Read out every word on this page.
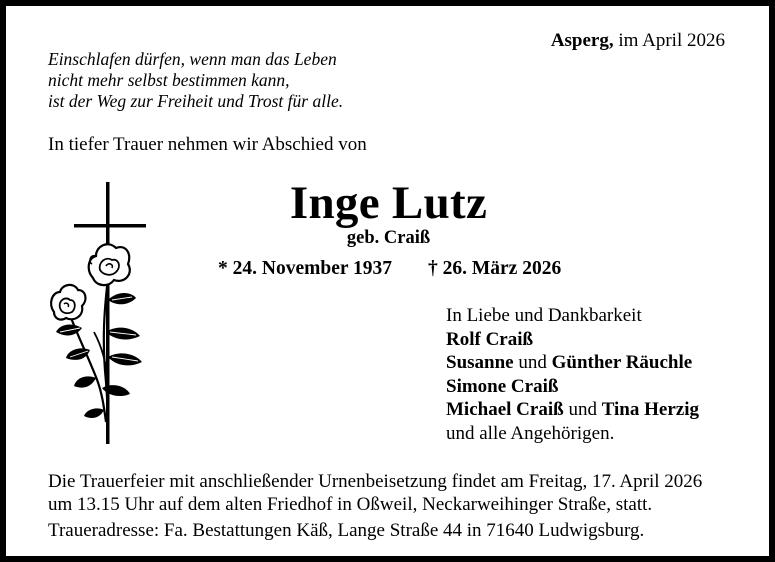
Asperg, im April 2026
Einschlafen dürfen, wenn man das Leben
nicht mehr selbst bestimmen kann,
ist der Weg zur Freiheit und Trost für alle.
In tiefer Trauer nehmen wir Abschied von
Inge Lutz
geb. Craiß
* 24. November 1937 † 26. März 2026
In Liebe und Dankbarkeit
Rolf Craiß
Susanne und Günther Räuchle
Simone Craiß
Michael Craiß und Tina Herzig
und alle Angehörigen.
Die Trauerfeier mit anschließender Urnenbeisetzung findet am Freitag, 17. April 2026
um 13.15 Uhr auf dem alten Friedhof in Oßweil, Neckarweihinger Straße, statt.
Traueradresse: Fa. Bestattungen Käß, Lange Straße 44 in 71640 Ludwigsburg.
